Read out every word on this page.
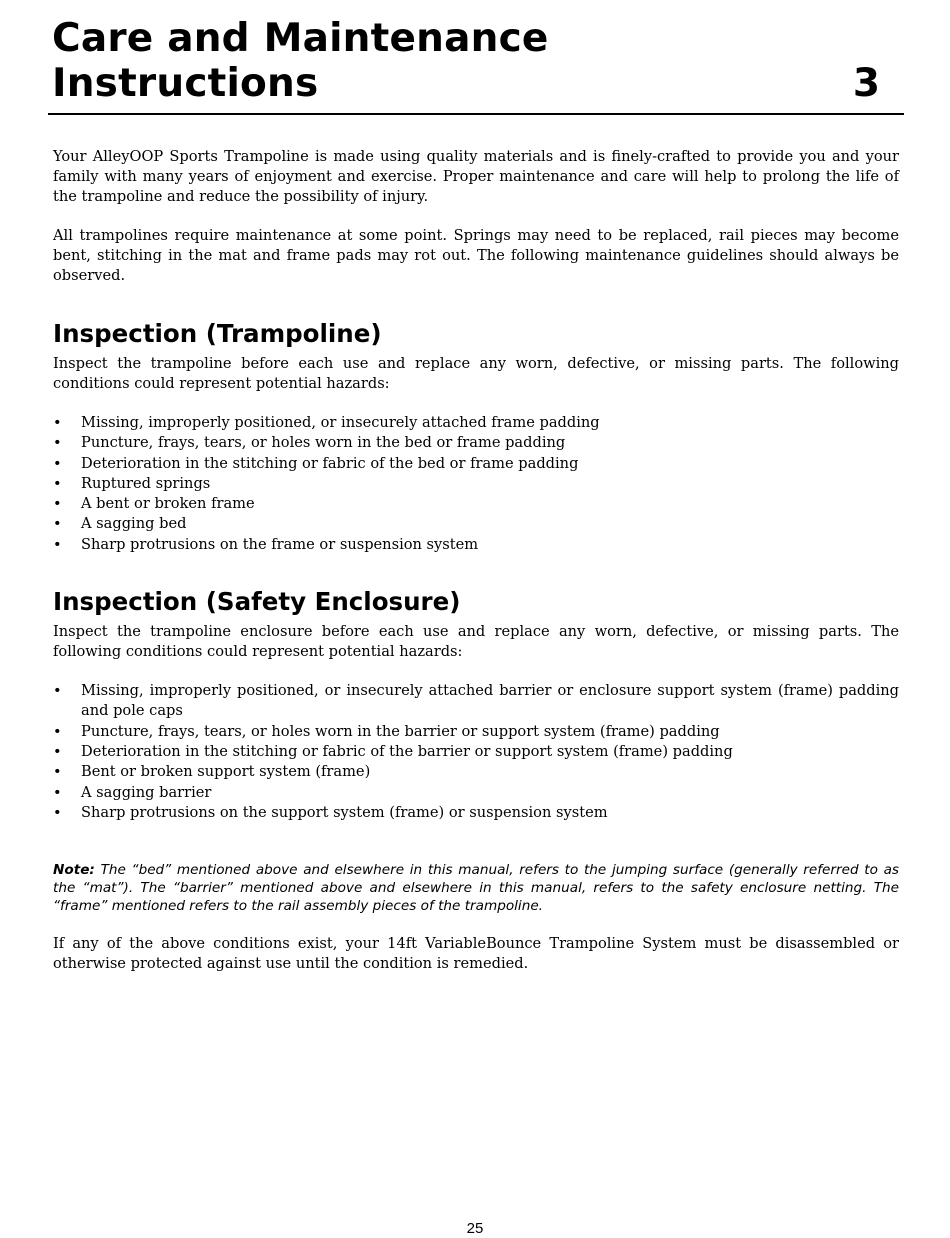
Care and Maintenance
Instructions	3

Your AlleyOOP Sports Trampoline is made using quality materials and is finely-crafted to provide you and your family with many years of enjoyment and exercise. Proper maintenance and care will help to prolong the life of the trampoline and reduce the possibility of injury.

All trampolines require maintenance at some point. Springs may need to be replaced, rail pieces may become bent, stitching in the mat and frame pads may rot out. The following maintenance guidelines should always be observed.

Inspection (Trampoline)

Inspect the trampoline before each use and replace any worn, defective, or missing parts. The following conditions could represent potential hazards:

• Missing, improperly positioned, or insecurely attached frame padding
• Puncture, frays, tears, or holes worn in the bed or frame padding
• Deterioration in the stitching or fabric of the bed or frame padding
• Ruptured springs
• A bent or broken frame
• A sagging bed
• Sharp protrusions on the frame or suspension system
Inspection (Safety Enclosure)

Inspect the trampoline enclosure before each use and replace any worn, defective, or missing parts. The following conditions could represent potential hazards:

• Missing, improperly positioned, or insecurely attached barrier or enclosure support system (frame) padding and pole caps
• Puncture, frays, tears, or holes worn in the barrier or support system (frame) padding
• Deterioration in the stitching or fabric of the barrier or support system (frame) padding
• Bent or broken support system (frame)
• A sagging barrier
• Sharp protrusions on the support system (frame) or suspension system

Note: The “bed” mentioned above and elsewhere in this manual, refers to the jumping surface (generally referred to as the “mat”). The “barrier” mentioned above and elsewhere in this manual, refers to the safety enclosure netting. The “frame” mentioned refers to the rail assembly pieces of the trampoline.

If any of the above conditions exist, your 14ft VariableBounce Trampoline System must be disassembled or otherwise protected against use until the condition is remedied.

25
